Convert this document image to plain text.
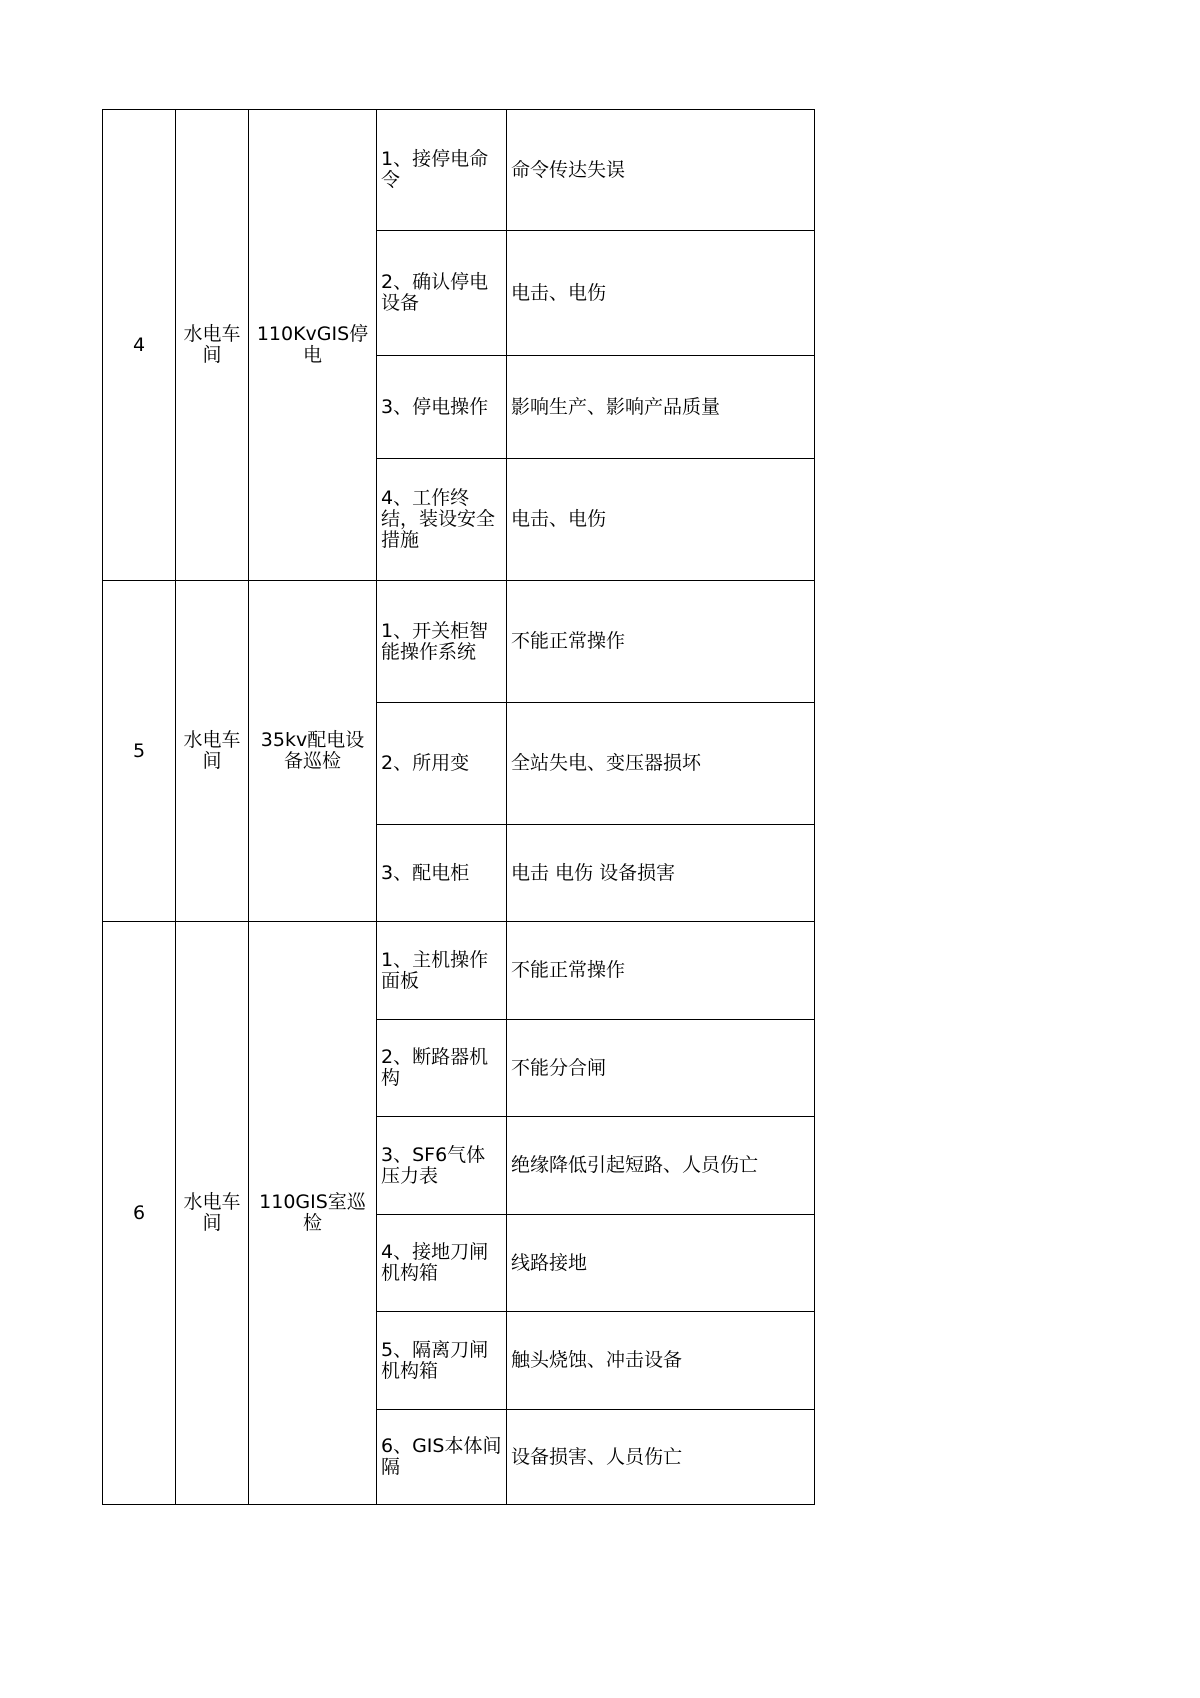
4	水电车间	110KvGIS停电	1、接停电命令	命令传达失误

			2、确认停电设备	电击、电伤

			3、停电操作	影响生产、影响产品质量

			4、工作终结，装设安全措施	电击、电伤

5	水电车间	35kv配电设备巡检	1、开关柜智能操作系统	不能正常操作

			2、所用变	全站失电、变压器损坏

			3、配电柜	电击 电伤 设备损害

6	水电车间	110GIS室巡检	1、主机操作面板	不能正常操作

			2、断路器机构	不能分合闸

			3、SF6气体压力表	绝缘降低引起短路、人员伤亡

			4、接地刀闸机构箱	线路接地

			5、隔离刀闸机构箱	触头烧蚀、冲击设备

			6、GIS本体间隔	设备损害、人员伤亡
